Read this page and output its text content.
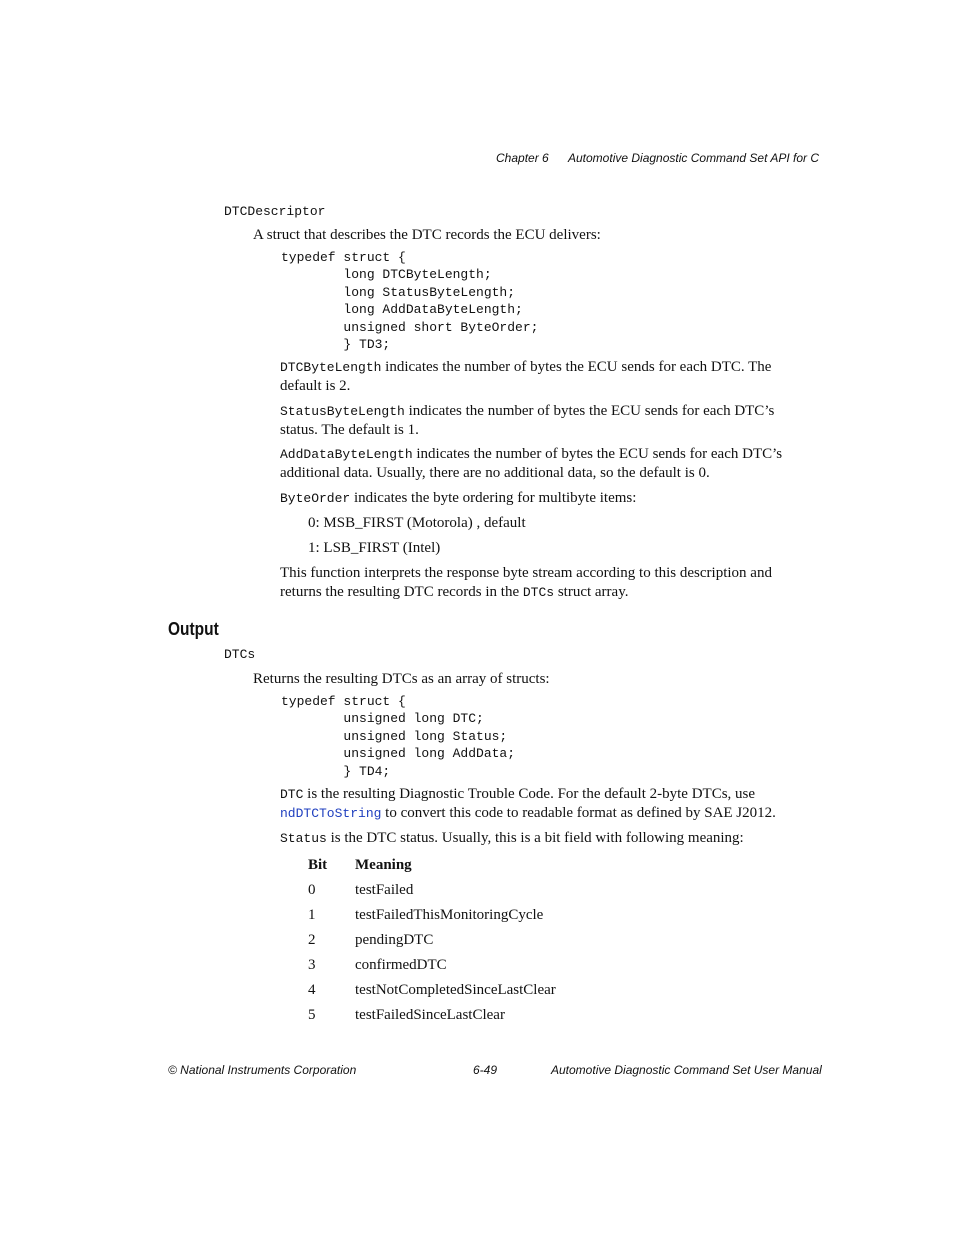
Chapter 6 Automotive Diagnostic Command Set API for C
DTCDescriptor
A struct that describes the DTC records the ECU delivers:
typedef struct {
long DTCByteLength;
long StatusByteLength;
long AddDataByteLength;
unsigned short ByteOrder;
} TD3;
DTCByteLength indicates the number of bytes the ECU sends for each DTC. The
default is 2.
StatusByteLength indicates the number of bytes the ECU sends for each DTC’s
status. The default is 1.
AddDataByteLength indicates the number of bytes the ECU sends for each DTC’s
additional data. Usually, there are no additional data, so the default is 0.
ByteOrder indicates the byte ordering for multibyte items:
0: MSB_FIRST (Motorola) , default
1: LSB_FIRST (Intel)
This function interprets the response byte stream according to this description and
returns the resulting DTC records in the DTCs struct array.
Output
DTCs
Returns the resulting DTCs as an array of structs:
typedef struct {
unsigned long DTC;
unsigned long Status;
unsigned long AddData;
} TD4;
DTC is the resulting Diagnostic Trouble Code. For the default 2-byte DTCs, use
ndDTCToString to convert this code to readable format as defined by SAE J2012.
Status is the DTC status. Usually, this is a bit field with following meaning:
Bit	Meaning
0	testFailed
1	testFailedThisMonitoringCycle
2	pendingDTC
3	confirmedDTC
4	testNotCompletedSinceLastClear
5	testFailedSinceLastClear
© National Instruments Corporation	6-49	Automotive Diagnostic Command Set User Manual
